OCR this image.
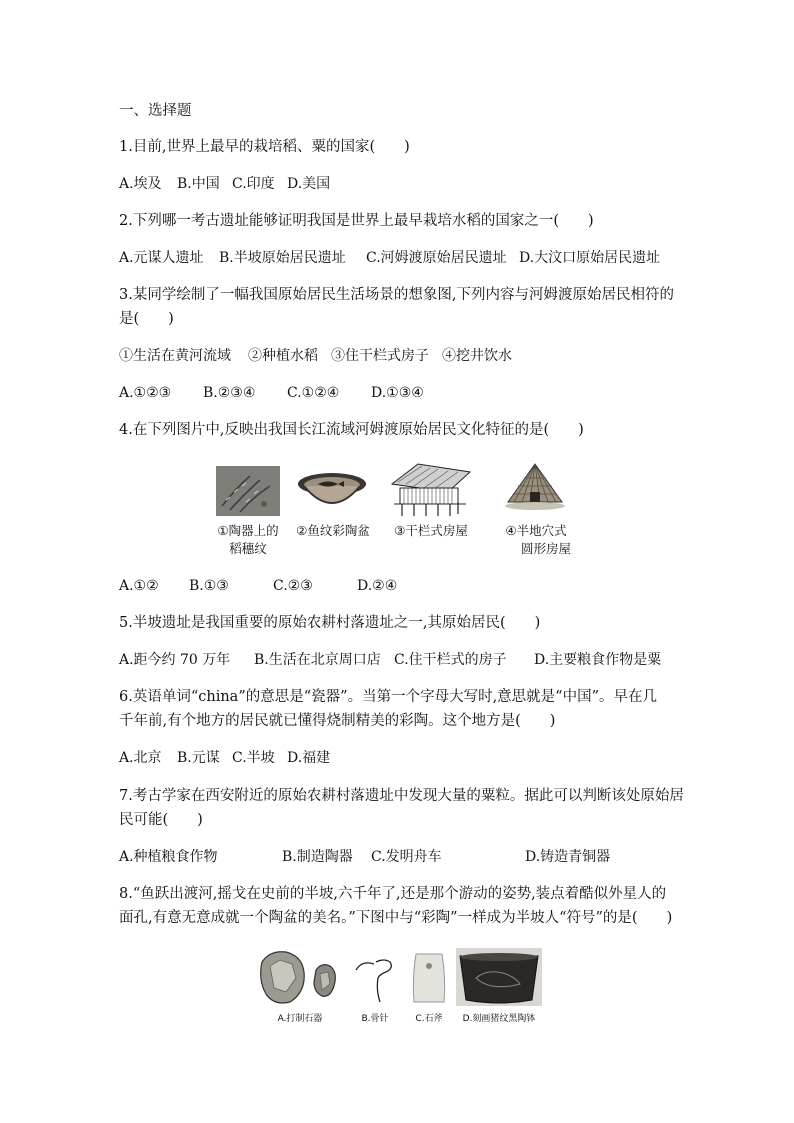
一、选择题
1.目前,世界上最早的栽培稻、粟的国家(　　)
A.埃及 B.中国 C.印度 D.美国
2.下列哪一考古遗址能够证明我国是世界上最早栽培水稻的国家之一(　　)
A.元谋人遗址 B.半坡原始居民遗址 C.河姆渡原始居民遗址 D.大汶口原始居民遗址
3.某同学绘制了一幅我国原始居民生活场景的想象图,下列内容与河姆渡原始居民相符的
是(　　)
①生活在黄河流域 ②种植水稻 ③住干栏式房子 ④挖井饮水
A.①②③ B.②③④ C.①②④ D.①③④
4.在下列图片中,反映出我国长江流域河姆渡原始居民文化特征的是(　　)
①陶器上的
稻穗纹
②鱼纹彩陶盆	③干栏式房屋	④半地穴式
圆形房屋
A.①② B.①③	C.②③	D.②④
5.半坡遗址是我国重要的原始农耕村落遗址之一,其原始居民(　　)
A.距今约 70 万年 B.生活在北京周口店 C.住干栏式的房子 D.主要粮食作物是粟
6.英语单词“china”的意思是“瓷器”。当第一个字母大写时,意思就是“中国”。早在几
千年前,有个地方的居民就已懂得烧制精美的彩陶。这个地方是(　　)
A.北京 B.元谋 C.半坡 D.福建
7.考古学家在西安附近的原始农耕村落遗址中发现大量的粟粒。据此可以判断该处原始居
民可能(　　)
A.种植粮食作物	B.制造陶器 C.发明舟车	D.铸造青铜器
8.“鱼跃出渡河,摇戈在史前的半坡,六千年了,还是那个游动的姿势,装点着酷似外星人的
面孔,有意无意成就一个陶盆的美名。”下图中与“彩陶”一样成为半坡人“符号”的是(　　)
A.打制石器	B.骨针	C.石斧	D.刻画猪纹黑陶钵
